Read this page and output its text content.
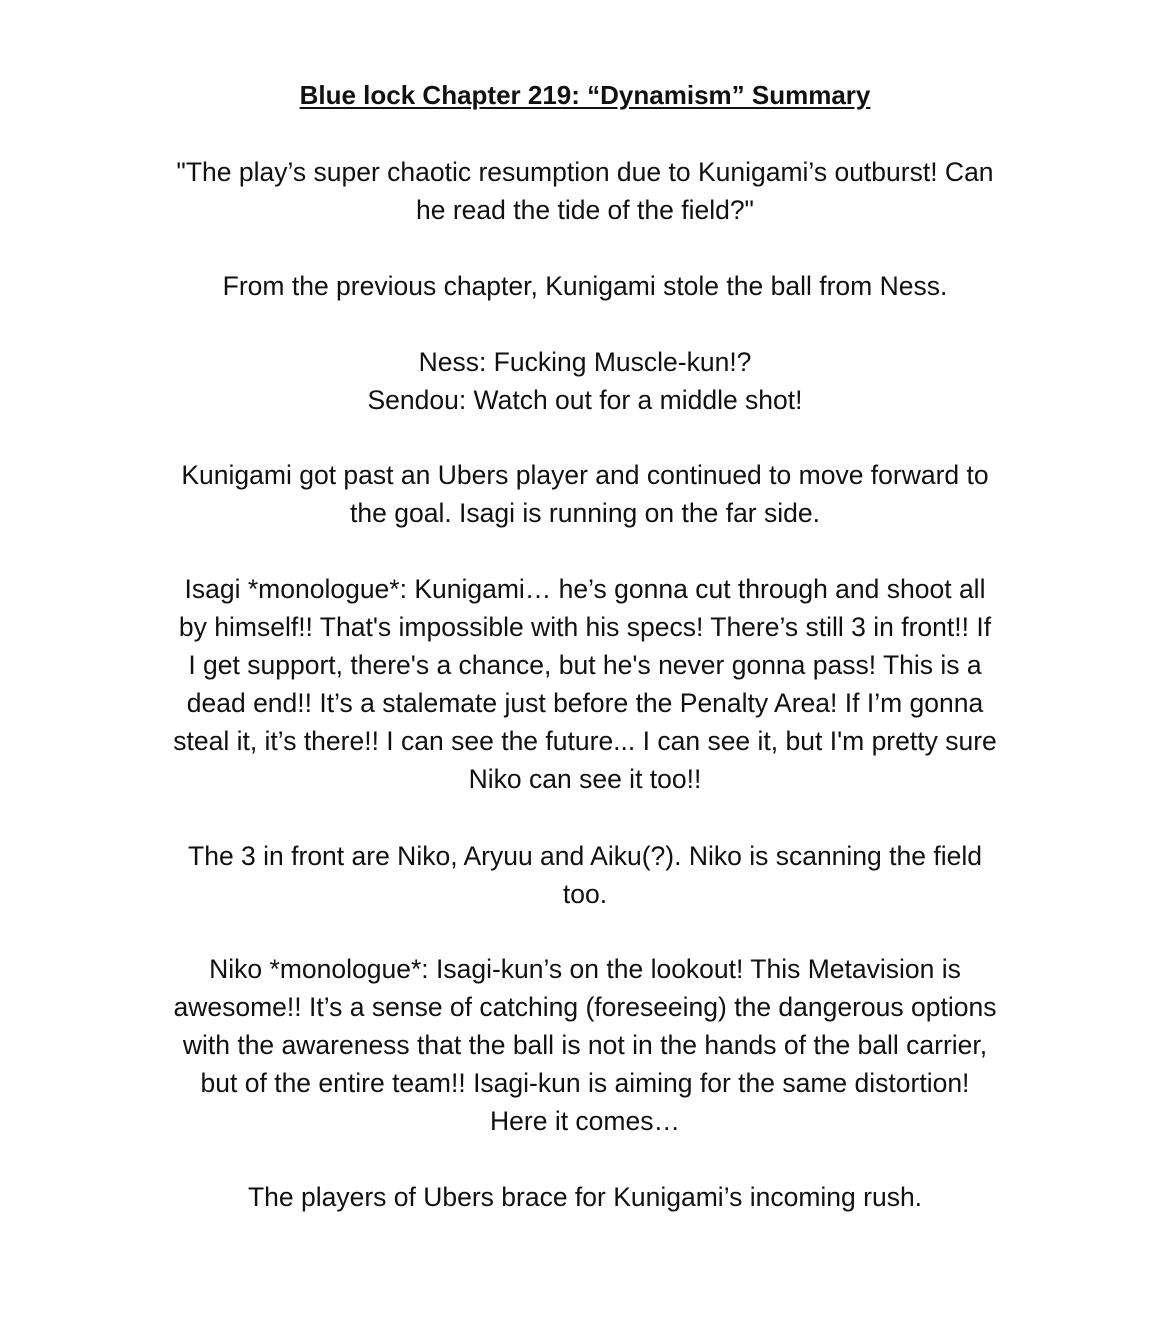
Blue lock Chapter 219: “Dynamism” Summary
"The play’s super chaotic resumption due to Kunigami’s outburst! Can
he read the tide of the field?"
From the previous chapter, Kunigami stole the ball from Ness.
Ness: Fucking Muscle-kun!?
Sendou: Watch out for a middle shot!
Kunigami got past an Ubers player and continued to move forward to
the goal. Isagi is running on the far side.
Isagi *monologue*: Kunigami… he’s gonna cut through and shoot all
by himself!! That's impossible with his specs! There’s still 3 in front!! If
I get support, there's a chance, but he's never gonna pass! This is a
dead end!! It’s a stalemate just before the Penalty Area! If I’m gonna
steal it, it’s there!! I can see the future... I can see it, but I'm pretty sure
Niko can see it too!!
The 3 in front are Niko, Aryuu and Aiku(?). Niko is scanning the field
too.
Niko *monologue*: Isagi-kun’s on the lookout! This Metavision is
awesome!! It’s a sense of catching (foreseeing) the dangerous options
with the awareness that the ball is not in the hands of the ball carrier,
but of the entire team!! Isagi-kun is aiming for the same distortion!
Here it comes…
The players of Ubers brace for Kunigami’s incoming rush.
